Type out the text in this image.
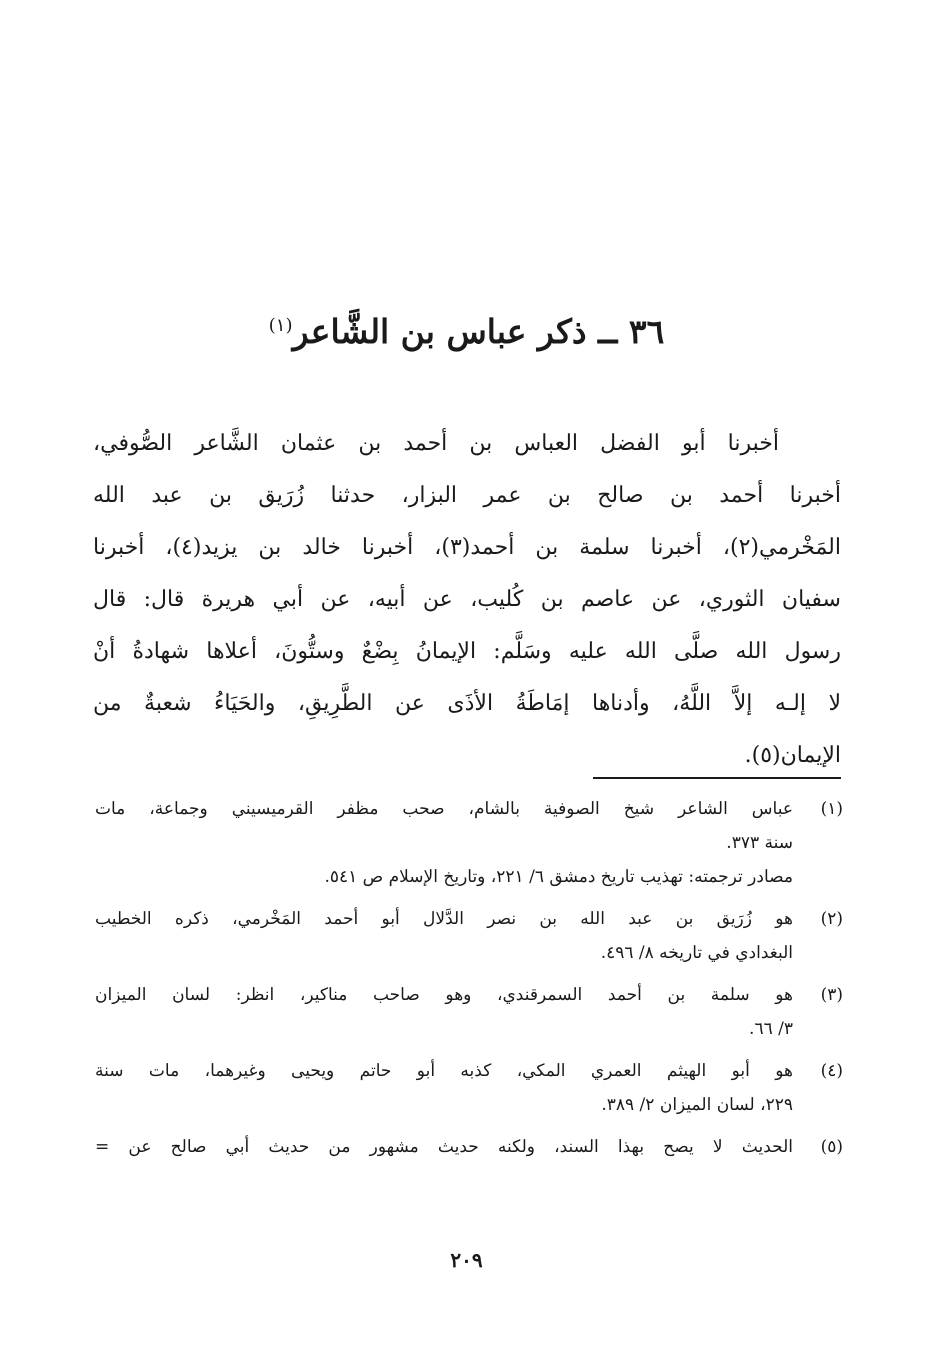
٣٦ ــ ذكر عباس بن الشَّاعر$^{(١)}$
أخبرنا أبو الفضل العباس بن أحمد بن عثمان الشَّاعر الصُّوفي،
أخبرنا أحمد بن صالح بن عمر البزار، حدثنا زُرَيق بن عبد الله
المَخْرمي(٢)، أخبرنا سلمة بن أحمد(٣)، أخبرنا خالد بن يزيد(٤)، أخبرنا
سفيان الثوري، عن عاصم بن كُليب، عن أبيه، عن أبي هريرة قال: قال
رسول الله صلَّى الله عليه وسَلَّم: الإيمانُ بِضْعٌ وستُّونَ، أعلاها شهادةُ أنْ
لا إلـه إلاَّ اللَّهُ، وأدناها إمَاطَةُ الأذَى عن الطَّرِيقِ، والحَيَاءُ شعبةٌ من
الإيمان(٥).
(١)
عباس الشاعر شيخ الصوفية بالشام، صحب مظفر القرميسيني وجماعة، مات
سنة ٣٧٣.
مصادر ترجمته: تهذيب تاريخ دمشق ٦/ ٢٢١، وتاريخ الإسلام ص ٥٤١.
(٢)
هو زُرَيق بن عبد الله بن نصر الدَّلال أبو أحمد المَخْرمي، ذكره الخطيب
البغدادي في تاريخه ٨/ ٤٩٦.
(٣)
هو سلمة بن أحمد السمرقندي، وهو صاحب مناكير، انظر: لسان الميزان
٣/ ٦٦.
(٤)
هو أبو الهيثم العمري المكي، كذبه أبو حاتم ويحيى وغيرهما، مات سنة
٢٢٩، لسان الميزان ٢/ ٣٨٩.
(٥)
الحديث لا يصح بهذا السند، ولكنه حديث مشهور من حديث أبي صالح عن =
٢٠٩
